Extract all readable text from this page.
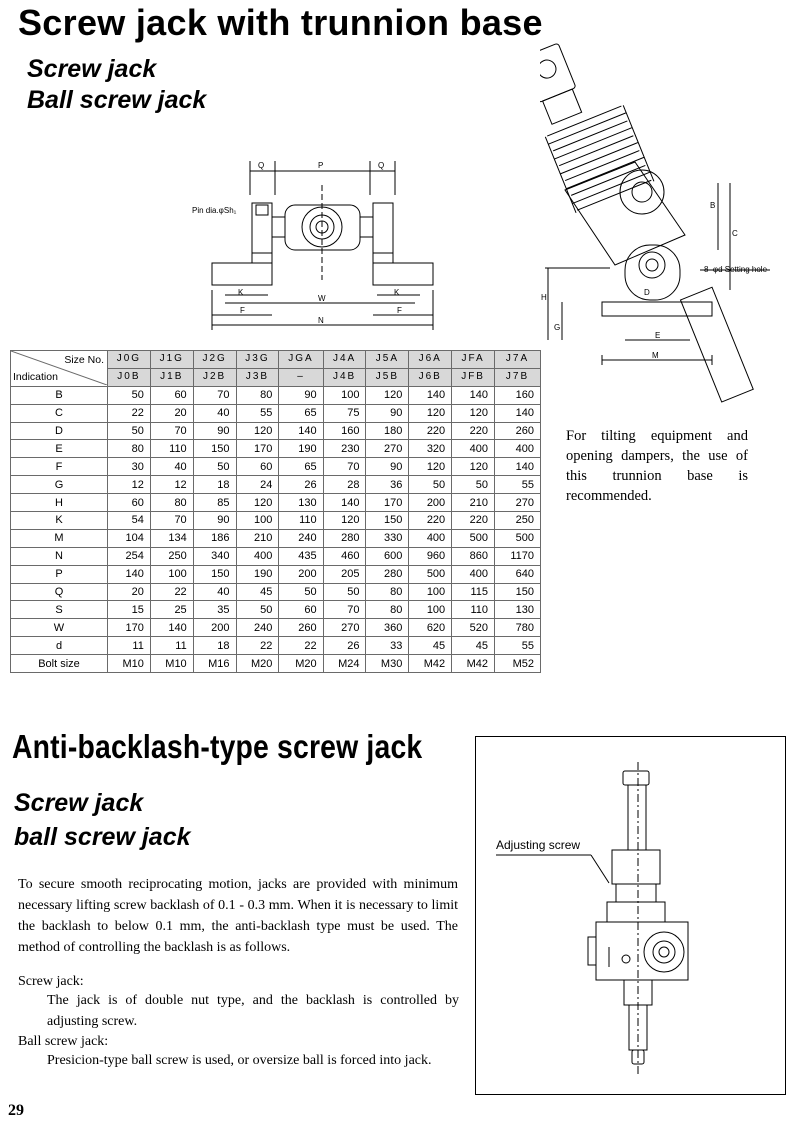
Screw jack with trunnion base
Screw jack
Ball screw jack
Q	P	Q
Pin dia.φSh₁
K	K
F	F
W
N
B
C
D
H
G
E
M
8–φd Setting hole
Size No.
Indication	J0G	J1G	J2G	J3G	JGA	J4A	J5A	J6A	JFA	J7A
	J0B	J1B	J2B	J3B	–	J4B	J5B	J6B	JFB	J7B
B	50	60	70	80	90	100	120	140	140	160
C	22	20	40	55	65	75	90	120	120	140
D	50	70	90	120	140	160	180	220	220	260
E	80	110	150	170	190	230	270	320	400	400
F	30	40	50	60	65	70	90	120	120	140
G	12	12	18	24	26	28	36	50	50	55
H	60	80	85	120	130	140	170	200	210	270
K	54	70	90	100	110	120	150	220	220	250
M	104	134	186	210	240	280	330	400	500	500
N	254	250	340	400	435	460	600	960	860	1170
P	140	100	150	190	200	205	280	500	400	640
Q	20	22	40	45	50	50	80	100	115	150
S	15	25	35	50	60	70	80	100	110	130
W	170	140	200	240	260	270	360	620	520	780
d	11	11	18	22	22	26	33	45	45	55
Bolt size	M10	M10	M16	M20	M20	M24	M30	M42	M42	M52
For tilting equipment and opening dampers, the use of this trunnion base is recommended.
Anti-backlash-type screw jack
Screw jack
ball screw jack
To secure smooth reciprocating motion, jacks are provided with minimum necessary lifting screw backlash of 0.1 - 0.3 mm. When it is necessary to limit the backlash to below 0.1 mm, the anti-backlash type must be used. The method of controlling the backlash is as follows.
Screw jack:
The jack is of double nut type, and the backlash is controlled by adjusting screw.
Ball screw jack:
Presicion-type ball screw is used, or oversize ball is forced into jack.
Adjusting screw
29
